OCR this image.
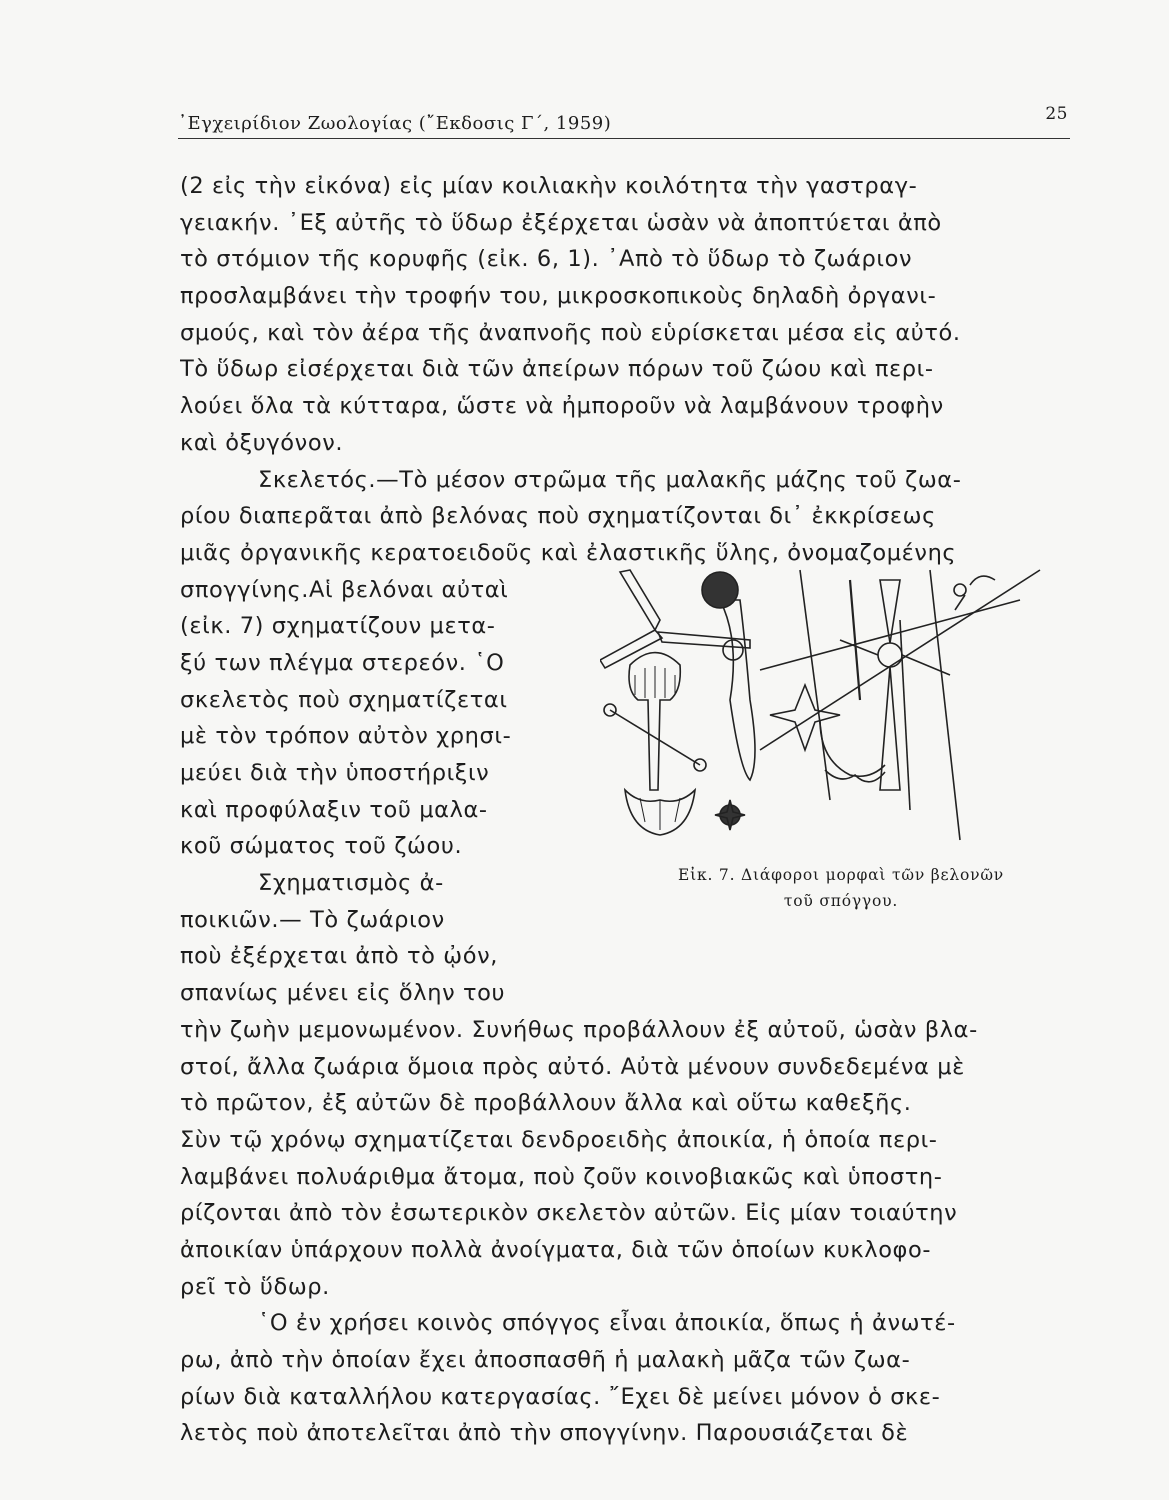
᾿Εγχειρίδιον Ζωολογίας (῎Εκδοσις Γ΄, 1959)	25
(2 εἰς τὴν εἰκόνα) εἰς μίαν κοιλιακὴν κοιλότητα τὴν γαστραγ-
γειακήν. ᾿Εξ αὐτῆς τὸ ὕδωρ ἐξέρχεται ὡσὰν νὰ ἀποπτύεται ἀπὸ
τὸ στόμιον τῆς κορυφῆς (εἰκ. 6, 1). ᾿Απὸ τὸ ὕδωρ τὸ ζωάριον
προσλαμβάνει τὴν τροφήν του, μικροσκοπικοὺς δηλαδὴ ὀργανι-
σμούς, καὶ τὸν ἀέρα τῆς ἀναπνοῆς ποὺ εὑρίσκεται μέσα εἰς αὐτό.
Τὸ ὕδωρ εἰσέρχεται διὰ τῶν ἀπείρων πόρων τοῦ ζώου καὶ περι-
λούει ὅλα τὰ κύτταρα, ὥστε νὰ ἠμποροῦν νὰ λαμβάνουν τροφὴν
καὶ ὀξυγόνον.
Σκελετός.—Τὸ μέσον στρῶμα τῆς μαλακῆς μάζης τοῦ ζωα-
ρίου διαπερᾶται ἀπὸ βελόνας ποὺ σχηματίζονται δι᾿ ἐκκρίσεως
μιᾶς ὀργανικῆς κερατοειδοῦς καὶ ἐλαστικῆς ὕλης, ὀνομαζομένης
σπογγίνης.Αἱ βελόναι αὐταὶ
(εἰκ. 7) σχηματίζουν μετα-
ξύ των πλέγμα στερεόν. ῾Ο
σκελετὸς ποὺ σχηματίζεται
μὲ τὸν τρόπον αὐτὸν χρησι-
μεύει διὰ τὴν ὑποστήριξιν
καὶ προφύλαξιν τοῦ μαλα-
κοῦ σώματος τοῦ ζώου.
Σχηματισμὸς ἀ-
ποικιῶν.— Τὸ ζωάριον
ποὺ ἐξέρχεται ἀπὸ τὸ ᾠόν,
σπανίως μένει εἰς ὅλην του
τὴν ζωὴν μεμονωμένον. Συνήθως προβάλλουν ἐξ αὐτοῦ, ὡσὰν βλα-
στοί, ἄλλα ζωάρια ὅμοια πρὸς αὐτό. Αὐτὰ μένουν συνδεδεμένα μὲ
τὸ πρῶτον, ἐξ αὐτῶν δὲ προβάλλουν ἄλλα καὶ οὕτω καθεξῆς.
Σὺν τῷ χρόνῳ σχηματίζεται δενδροειδὴς ἀποικία, ἡ ὁποία περι-
λαμβάνει πολυάριθμα ἄτομα, ποὺ ζοῦν κοινοβιακῶς καὶ ὑποστη-
ρίζονται ἀπὸ τὸν ἐσωτερικὸν σκελετὸν αὐτῶν. Εἰς μίαν τοιαύτην
ἀποικίαν ὑπάρχουν πολλὰ ἀνοίγματα, διὰ τῶν ὁποίων κυκλοφο-
ρεῖ τὸ ὕδωρ.
῾Ο ἐν χρήσει κοινὸς σπόγγος εἶναι ἀποικία, ὅπως ἡ ἀνωτέ-
ρω, ἀπὸ τὴν ὁποίαν ἔχει ἀποσπασθῆ ἡ μαλακὴ μᾶζα τῶν ζωα-
ρίων διὰ καταλλήλου κατεργασίας. ῎Εχει δὲ μείνει μόνον ὁ σκε-
λετὸς ποὺ ἀποτελεῖται ἀπὸ τὴν σπογγίνην. Παρουσιάζεται δὲ
Εἰκ. 7. Διάφοροι μορφαὶ τῶν βελονῶν
τοῦ σπόγγου.
